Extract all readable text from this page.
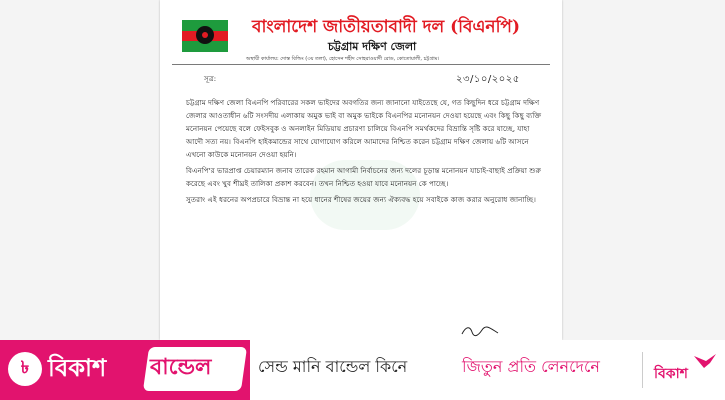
বাংলাদেশ জাতীয়তাবাদী দল (বিএনপি)
চট্টগ্রাম দক্ষিণ জেলা
অস্থায়ী কার্যালয়: দোস্ত বিল্ডিং (৩য় তলা), হোসেন শহীদ সোহরাওয়ার্দী রোড, কোতোয়ালী, চট্টগ্রাম।
সূত্র:	২৩/১০/২০২৫

চট্টগ্রাম দক্ষিণ জেলা বিএনপি পরিবারের সকল ভাইদের অবগতির জন্য জানানো যাইতেছে যে, গত কিছুদিন ধরে চট্টগ্রাম দক্ষিণ জেলার আওতাধীন ৬টি সংসদীয় এলাকায় অমুক ভাই বা অমুক ভাইকে বিএনপির মনোনয়ন দেওয়া হয়েছে এবং কিছু কিছু ব্যক্তি মনোনয়ন পেয়েছে বলে ফেইসবুক ও অনলাইন মিডিয়ায় প্রচারণা চালিয়ে বিএনপি সমর্থকদের বিভ্রান্তি সৃষ্টি করে যাচ্ছে, যাহা আদৌ সত্য নয়। বিএনপি হাইকমান্ডের সাথে যোগাযোগ করিলে আমাদের নিশ্চিত করেন চট্টগ্রাম দক্ষিণ জেলায় ৬টি আসনে এখনো কাউকে মনোনয়ন দেওয়া হয়নি।

বিএনপি'র ভারপ্রাপ্ত চেয়ারম্যান জনাব তারেক রহমান আগামী নির্বাচনের জন্য দলের চূড়ান্ত মনোনয়ন যাচাই-বাছাই প্রক্রিয়া শুরু করেছে এবং খুব শীঘ্রই তালিকা প্রকাশ করবেন। তখন নিশ্চিত হওয়া যাবে মনোনয়ন কে পাচ্ছে।

সুতরাং এই ধরনের অপপ্রচারে বিভ্রান্ত না হয়ে ধানের শীষের জয়ের জন্য ঐক্যবদ্ধ হয়ে সবাইকে কাজ করার অনুরোধ জানাচ্ছি।

৳ বিকাশ বান্ডেল	সেন্ড মানি বান্ডেল কিনে	জিতুন প্রতি লেনদেনে	বিকাশ
